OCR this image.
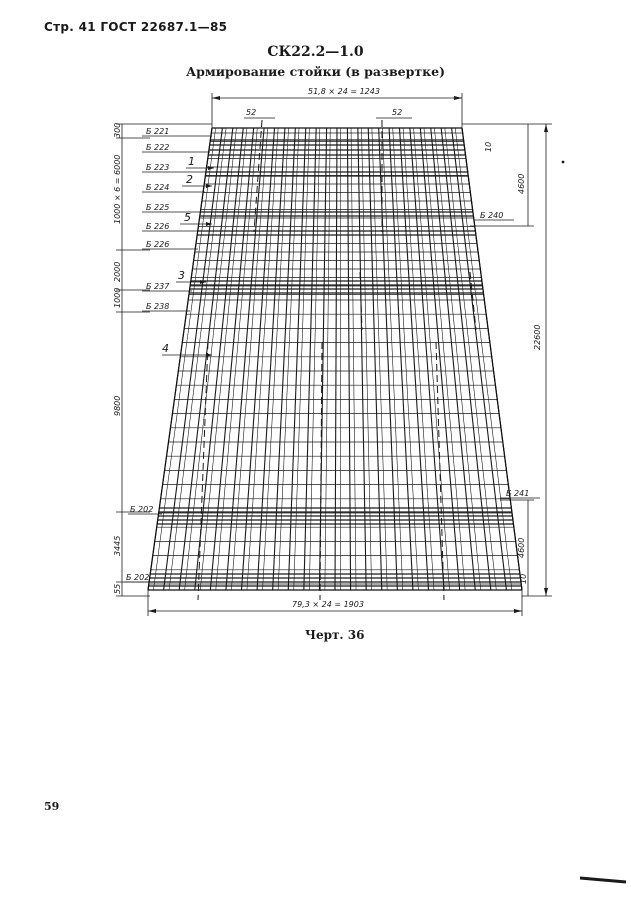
Стр. 41 ГОСТ 22687.1—85
СК22.2—1.0
Армирование стойки (в развертке)
51,8 × 24 = 1243
52	52
79,3 × 24 = 1903
10
10
4600
22600
4600
300
1000 × 6 = 6000
2000
1000
9800
3445
55
Б 221
Б 222
Б 223
Б 224
Б 225
Б 226
Б 226
Б 237
Б 238
Б 202
Б 202
Б 240
Б 241
1
2
5
3
4
Черт. 36
59
